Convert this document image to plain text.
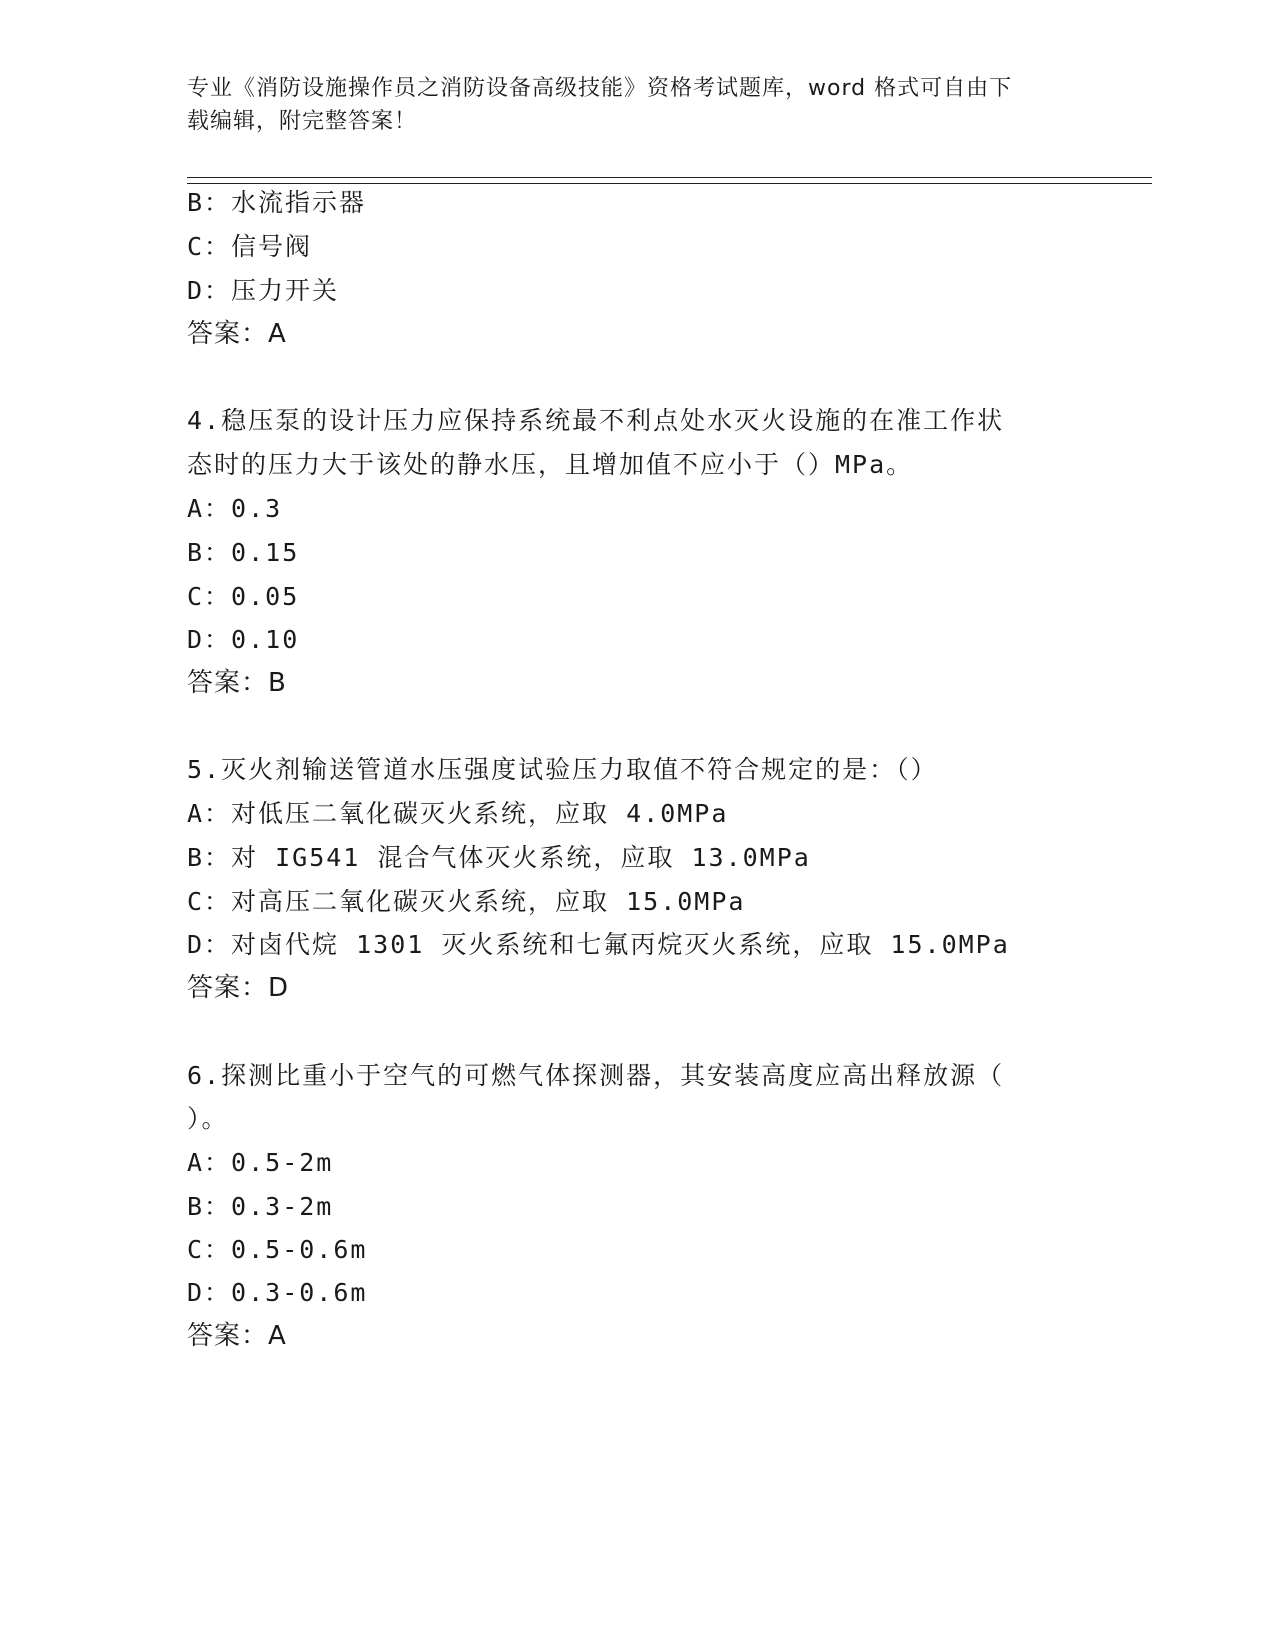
专业《消防设施操作员之消防设备高级技能》资格考试题库，word 格式可自由下
载编辑，附完整答案！
B：水流指示器
C：信号阀
D：压力开关
答案：A
4.稳压泵的设计压力应保持系统最不利点处水灭火设施的在准工作状
态时的压力大于该处的静水压，且增加值不应小于（）MPa。
A：0.3
B：0.15
C：0.05
D：0.10
答案：B
5.灭火剂输送管道水压强度试验压力取值不符合规定的是：（）
A：对低压二氧化碳灭火系统，应取 4.0MPa
B：对 IG541 混合气体灭火系统，应取 13.0MPa
C：对高压二氧化碳灭火系统，应取 15.0MPa
D：对卤代烷 1301 灭火系统和七氟丙烷灭火系统，应取 15.0MPa
答案：D
6.探测比重小于空气的可燃气体探测器，其安装高度应高出释放源（
）。
A：0.5-2m
B：0.3-2m
C：0.5-0.6m
D：0.3-0.6m
答案：A
